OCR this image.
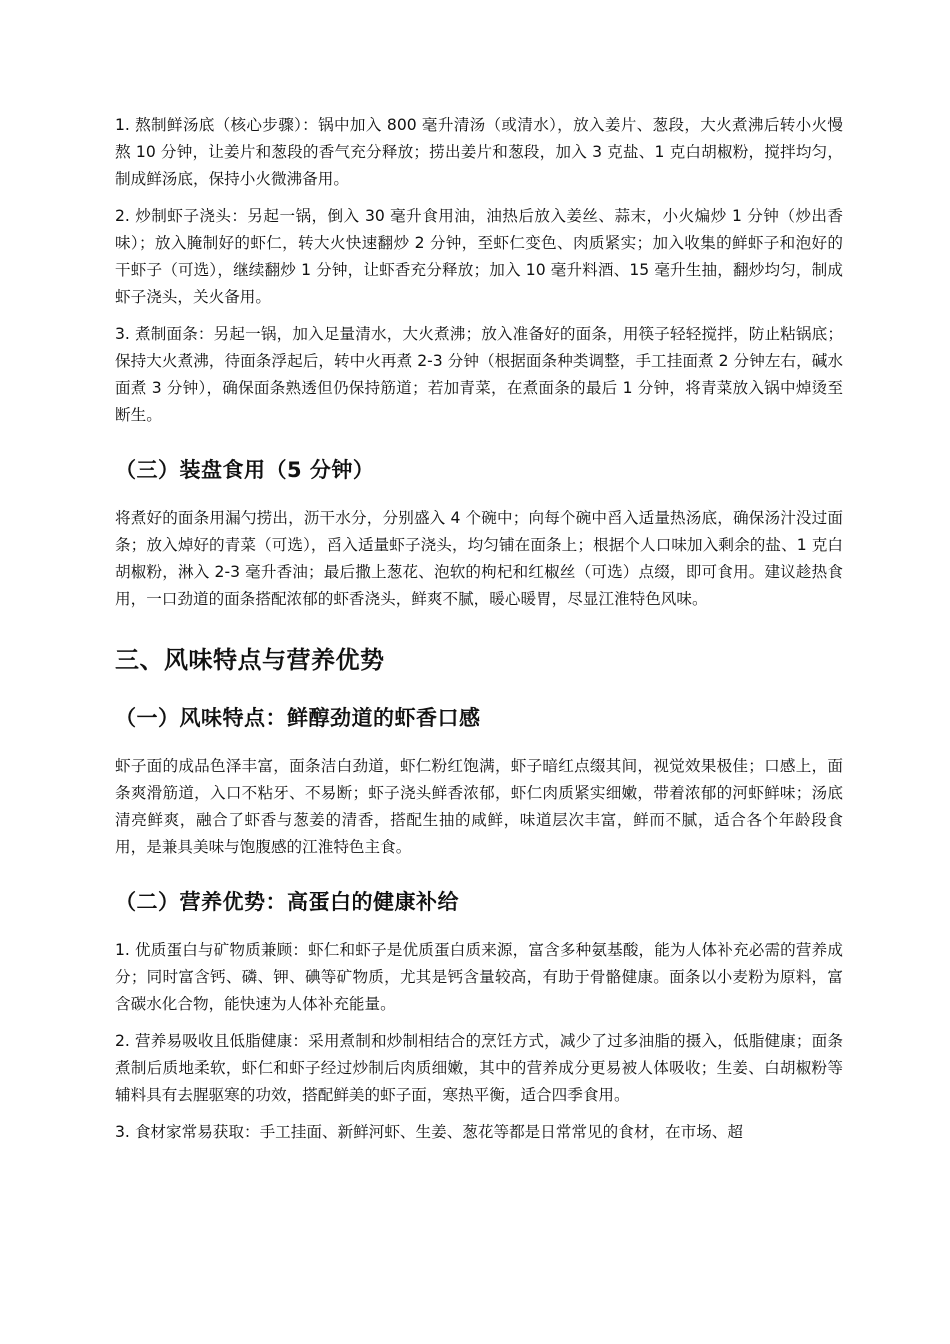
1. 熬制鲜汤底（核心步骤）：锅中加入 800 毫升清汤（或清水），放入姜片、葱段，大火煮沸后转小火慢熬 10 分钟，让姜片和葱段的香气充分释放；捞出姜片和葱段，加入 3 克盐、1 克白胡椒粉，搅拌均匀，制成鲜汤底，保持小火微沸备用。

2. 炒制虾子浇头：另起一锅，倒入 30 毫升食用油，油热后放入姜丝、蒜末，小火煸炒 1 分钟（炒出香味）；放入腌制好的虾仁，转大火快速翻炒 2 分钟，至虾仁变色、肉质紧实；加入收集的鲜虾子和泡好的干虾子（可选），继续翻炒 1 分钟，让虾香充分释放；加入 10 毫升料酒、15 毫升生抽，翻炒均匀，制成虾子浇头，关火备用。

3. 煮制面条：另起一锅，加入足量清水，大火煮沸；放入准备好的面条，用筷子轻轻搅拌，防止粘锅底；保持大火煮沸，待面条浮起后，转中火再煮 2-3 分钟（根据面条种类调整，手工挂面煮 2 分钟左右，碱水面煮 3 分钟），确保面条熟透但仍保持筋道；若加青菜，在煮面条的最后 1 分钟，将青菜放入锅中焯烫至断生。

（三）装盘食用（5 分钟）

将煮好的面条用漏勺捞出，沥干水分，分别盛入 4 个碗中；向每个碗中舀入适量热汤底，确保汤汁没过面条；放入焯好的青菜（可选），舀入适量虾子浇头，均匀铺在面条上；根据个人口味加入剩余的盐、1 克白胡椒粉，淋入 2-3 毫升香油；最后撒上葱花、泡软的枸杞和红椒丝（可选）点缀，即可食用。建议趁热食用，一口劲道的面条搭配浓郁的虾香浇头，鲜爽不腻，暖心暖胃，尽显江淮特色风味。

三、风味特点与营养优势
（一）风味特点：鲜醇劲道的虾香口感

虾子面的成品色泽丰富，面条洁白劲道，虾仁粉红饱满，虾子暗红点缀其间，视觉效果极佳；口感上，面条爽滑筋道，入口不粘牙、不易断；虾子浇头鲜香浓郁，虾仁肉质紧实细嫩，带着浓郁的河虾鲜味；汤底清亮鲜爽，融合了虾香与葱姜的清香，搭配生抽的咸鲜，味道层次丰富，鲜而不腻，适合各个年龄段食用，是兼具美味与饱腹感的江淮特色主食。

（二）营养优势：高蛋白的健康补给

1. 优质蛋白与矿物质兼顾：虾仁和虾子是优质蛋白质来源，富含多种氨基酸，能为人体补充必需的营养成分；同时富含钙、磷、钾、碘等矿物质，尤其是钙含量较高，有助于骨骼健康。面条以小麦粉为原料，富含碳水化合物，能快速为人体补充能量。

2. 营养易吸收且低脂健康：采用煮制和炒制相结合的烹饪方式，减少了过多油脂的摄入，低脂健康；面条煮制后质地柔软，虾仁和虾子经过炒制后肉质细嫩，其中的营养成分更易被人体吸收；生姜、白胡椒粉等辅料具有去腥驱寒的功效，搭配鲜美的虾子面，寒热平衡，适合四季食用。

3. 食材家常易获取：手工挂面、新鲜河虾、生姜、葱花等都是日常常见的食材，在市场、超
